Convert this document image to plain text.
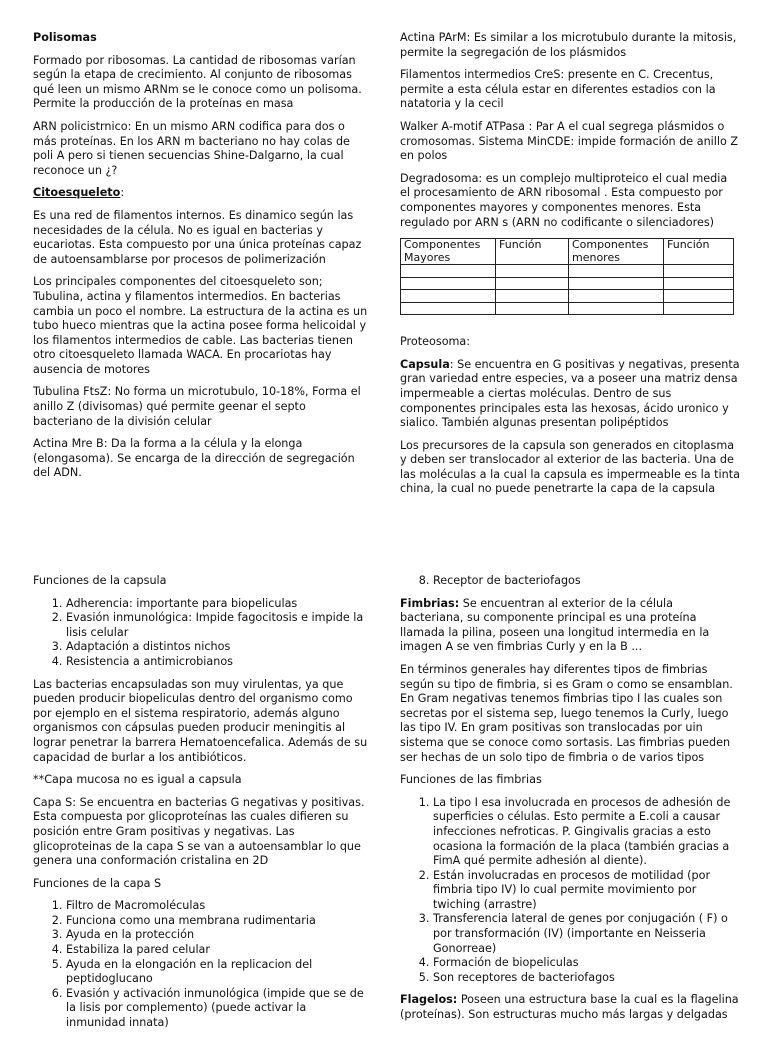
Polisomas

Formado por ribosomas. La cantidad de ribosomas varían según la etapa de crecimiento. Al conjunto de ribosomas qué leen un mismo ARNm se le conoce como un polisoma. Permite la producción de la proteínas en masa

ARN policistrnico: En un mismo ARN codifica para dos o más proteínas. En los ARN m bacteriano no hay colas de poli A pero si tienen secuencias Shine-Dalgarno, la cual reconoce un ¿?

Citoesqueleto:

Es una red de filamentos internos. Es dinamico según las necesidades de la célula. No es igual en bacterias y eucariotas. Esta compuesto por una única proteínas capaz de autoensamblarse por procesos de polimerización

Los principales componentes del citoesqueleto son; Tubulina, actina y filamentos intermedios. En bacterias cambia un poco el nombre. La estructura de la actina es un tubo hueco mientras que la actina posee forma helicoidal y los filamentos intermedios de cable. Las bacterias tienen otro citoesqueleto llamada WACA. En procariotas hay ausencia de motores

Tubulina FtsZ: No forma un microtubulo, 10-18%, Forma el anillo Z (divisomas) qué permite geenar el septo bacteriano de la división celular

Actina Mre B: Da la forma a la célula y la elonga (elongasoma). Se encarga de la dirección de segregación del ADN.

Actina PArM: Es similar a los microtubulo durante la mitosis, permite la segregación de los plásmidos

Filamentos intermedios CreS: presente en C. Crecentus, permite a esta célula estar en diferentes estadios con la natatoria y la cecil

Walker A-motif ATPasa : Par A el cual segrega plásmidos o cromosomas. Sistema MinCDE: impide formación de anillo Z en polos

Degradosoma: es un complejo multiproteico el cual media el procesamiento de ARN ribosomal . Esta compuesto por componentes mayores y componentes menores. Esta regulado por ARN s (ARN no codificante o silenciadores)

Componentes Mayores	Función	Componentes menores	Función

Proteosoma:

Capsula: Se encuentra en G positivas y negativas, presenta gran variedad entre especies, va a poseer una matriz densa impermeable a ciertas moléculas. Dentro de sus componentes principales esta las hexosas, ácido uronico y sialico. También algunas presentan polipéptidos

Los precursores de la capsula son generados en citoplasma y deben ser translocador al exterior de las bacteria. Una de las moléculas a la cual la capsula es impermeable es la tinta china, la cual no puede penetrarte la capa de la capsula

Funciones de la capsula

1. Adherencia: importante para biopeliculas
2. Evasión inmunológica: Impide fagocitosis e impide la lisis celular
3. Adaptación a distintos nichos
4. Resistencia a antimicrobianos

Las bacterias encapsuladas son muy virulentas, ya que pueden producir biopeliculas dentro del organismo como por ejemplo en el sistema respiratorio, además alguno organismos con cápsulas pueden producir meningitis al lograr penetrar la barrera Hematoencefalica. Además de su capacidad de burlar a los antibióticos.

**Capa mucosa no es igual a capsula

Capa S: Se encuentra en bacterias G negativas y positivas. Esta compuesta por glicoproteínas las cuales difieren su posición entre Gram positivas y negativas. Las glicoproteinas de la capa S se van a autoensamblar lo que genera una conformación cristalina en 2D

Funciones de la capa S

1. Filtro de Macromoléculas
2. Funciona como una membrana rudimentaria
3. Ayuda en la protección
4. Estabiliza la pared celular
5. Ayuda en la elongación en la replicacion del peptidoglucano
6. Evasión y activación inmunológica (impide que se de la lisis por complemento) (puede activar la inmunidad innata)
8. Receptor de bacteriofagos

Fimbrias: Se encuentran al exterior de la célula bacteriana, su componente principal es una proteína llamada la pilina, poseen una longitud intermedia en la imagen A se ven fimbrias Curly y en la B ...

En términos generales hay diferentes tipos de fimbrias según su tipo de fimbria, si es Gram o como se ensamblan. En Gram negativas tenemos fimbrias tipo I las cuales son secretas por el sistema sep, luego tenemos la Curly, luego las tipo IV. En gram positivas son translocadas por uin sistema que se conoce como sortasis. Las fimbrias pueden ser hechas de un solo tipo de fimbria o de varios tipos

Funciones de las fimbrias

1. La tipo I esa involucrada en procesos de adhesión de superficies o células. Esto permite a E.coli a causar infecciones nefroticas. P. Gingivalis gracias a esto ocasiona la formación de la placa (también gracias a FimA qué permite adhesión al diente).
2. Están involucradas en procesos de motilidad (por fimbria tipo IV) lo cual permite movimiento por twiching (arrastre)
3. Transferencia lateral de genes por conjugación ( F) o por transformación (IV) (importante en Neisseria Gonorreae)
4. Formación de biopeliculas
5. Son receptores de bacteriofagos

Flagelos: Poseen una estructura base la cual es la flagelina (proteínas). Son estructuras mucho más largas y delgadas
